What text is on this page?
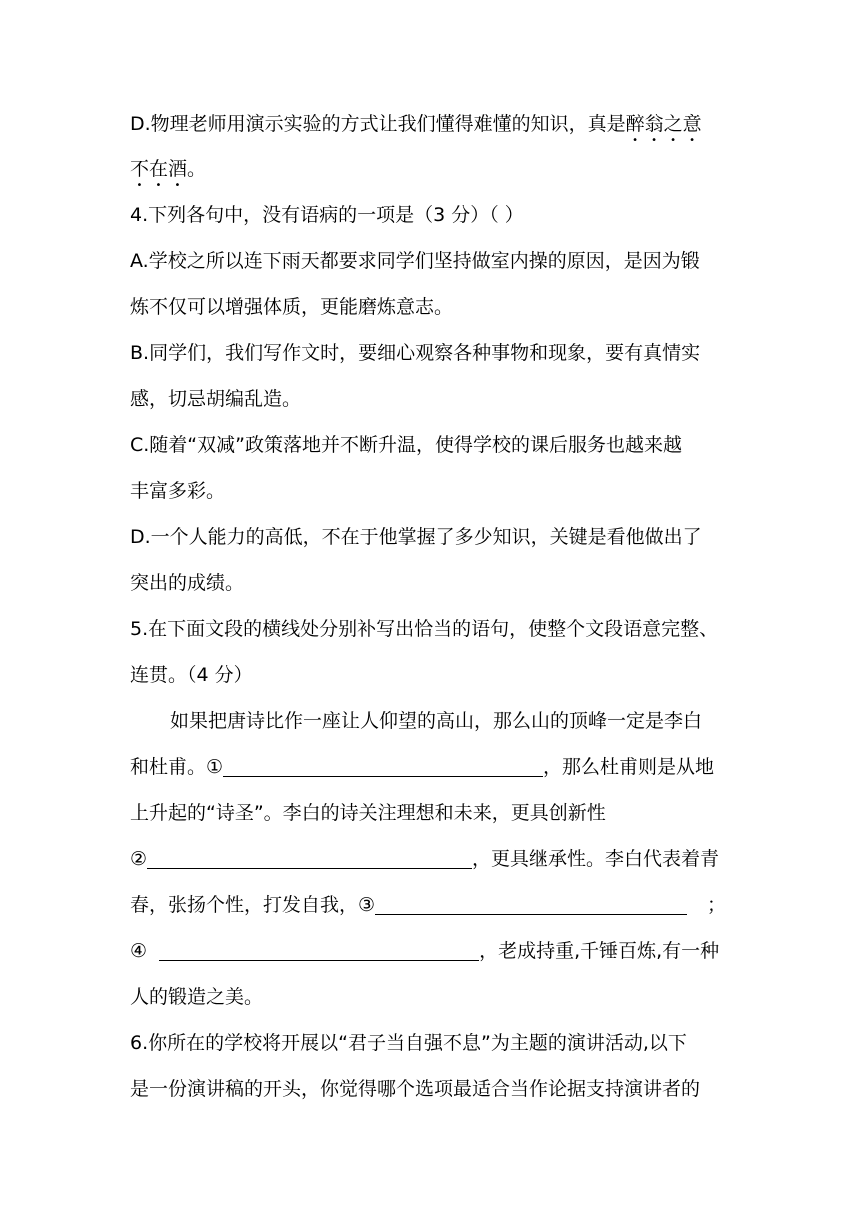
D.物理老师用演示实验的方式让我们懂得难懂的知识，真是醉翁之意
不在酒。
4.下列各句中，没有语病的一项是（3 分）（ ）
A.学校之所以连下雨天都要求同学们坚持做室内操的原因，是因为锻
炼不仅可以增强体质，更能磨炼意志。
B.同学们，我们写作文时，要细心观察各种事物和现象，要有真情实
感，切忌胡编乱造。
C.随着“双减”政策落地并不断升温，使得学校的课后服务也越来越
丰富多彩。
D.一个人能力的高低，不在于他掌握了多少知识，关键是看他做出了
突出的成绩。
5.在下面文段的横线处分别补写出恰当的语句，使整个文段语意完整、
连贯。（4 分）
如果把唐诗比作一座让人仰望的高山，那么山的顶峰一定是李白
和杜甫。①	，那么杜甫则是从地
上升起的“诗圣”。李白的诗关注理想和未来，更具创新性
②	，更具继承性。李白代表着青
春，张扬个性，打发自我，③	；
④	，老成持重,千锤百炼,有一种
人的锻造之美。
6.你所在的学校将开展以“君子当自强不息”为主题的演讲活动,以下
是一份演讲稿的开头，你觉得哪个选项最适合当作论据支持演讲者的
